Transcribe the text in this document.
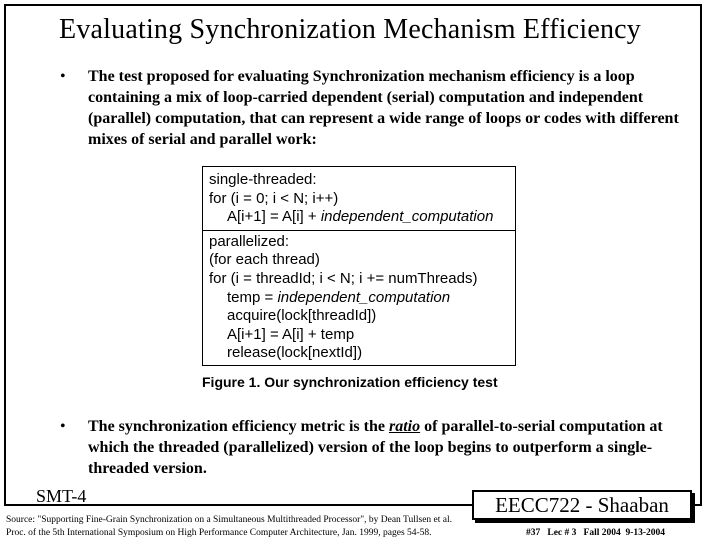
Evaluating Synchronization Mechanism Efficiency
• The test proposed for evaluating Synchronization mechanism efficiency is a loop containing a mix of loop-carried dependent (serial) computation and independent (parallel) computation, that can represent a wide range of loops or codes with different mixes of serial and parallel work:
single-threaded:
for (i = 0; i < N; i++)
A[i+1] = A[i] + independent_computation
parallelized:
(for each thread)
for (i = threadId; i < N; i += numThreads)
temp = independent_computation
acquire(lock[threadId])
A[i+1] = A[i] + temp
release(lock[nextId])
Figure 1. Our synchronization efficiency test
• The synchronization efficiency metric is the ratio of parallel-to-serial computation at which the threaded (parallelized) version of the loop begins to outperform a single-threaded version.
SMT-4	EECC722 - Shaaban
Source: "Supporting Fine-Grain Synchronization on a Simultaneous Multithreaded Processor", by Dean Tullsen et al.
Proc. of the 5th International Symposium on High Performance Computer Architecture, Jan. 1999, pages 54-58.	#37   Lec # 3   Fall 2004  9-13-2004
